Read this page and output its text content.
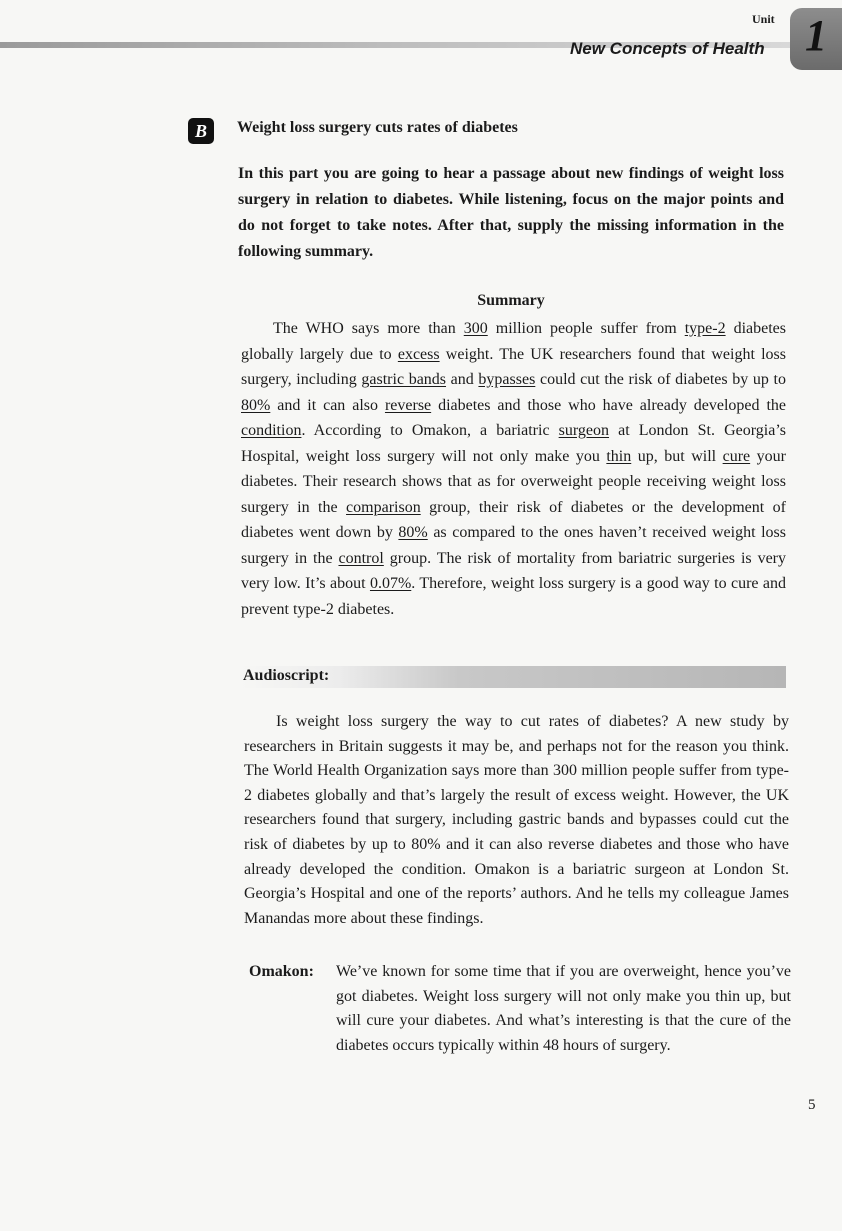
Unit
New Concepts of Health 1
B	Weight loss surgery cuts rates of diabetes
In this part you are going to hear a passage about new findings of weight loss surgery in relation to diabetes. While listening, focus on the major points and do not forget to take notes. After that, supply the missing information in the following summary.
Summary
The WHO says more than 300 million people suffer from type-2 diabetes globally largely due to excess weight. The UK researchers found that weight loss surgery, including gastric bands and bypasses could cut the risk of diabetes by up to 80% and it can also reverse diabetes and those who have already developed the condition. According to Omakon, a bariatric surgeon at London St. Georgia’s Hospital, weight loss surgery will not only make you thin up, but will cure your diabetes. Their research shows that as for overweight people receiving weight loss surgery in the comparison group, their risk of diabetes or the development of diabetes went down by 80% as compared to the ones haven’t received weight loss surgery in the control group. The risk of mortality from bariatric surgeries is very very low. It’s about 0.07%. Therefore, weight loss surgery is a good way to cure and prevent type-2 diabetes.
Audioscript:
Is weight loss surgery the way to cut rates of diabetes? A new study by researchers in Britain suggests it may be, and perhaps not for the reason you think. The World Health Organization says more than 300 million people suffer from type-2 diabetes globally and that’s largely the result of excess weight. However, the UK researchers found that surgery, including gastric bands and bypasses could cut the risk of diabetes by up to 80% and it can also reverse diabetes and those who have already developed the condition. Omakon is a bariatric surgeon at London St. Georgia’s Hospital and one of the reports’ authors. And he tells my colleague James Manandas more about these findings.
Omakon: We’ve known for some time that if you are overweight, hence you’ve got diabetes. Weight loss surgery will not only make you thin up, but will cure your diabetes. And what’s interesting is that the cure of the diabetes occurs typically within 48 hours of surgery.
5
